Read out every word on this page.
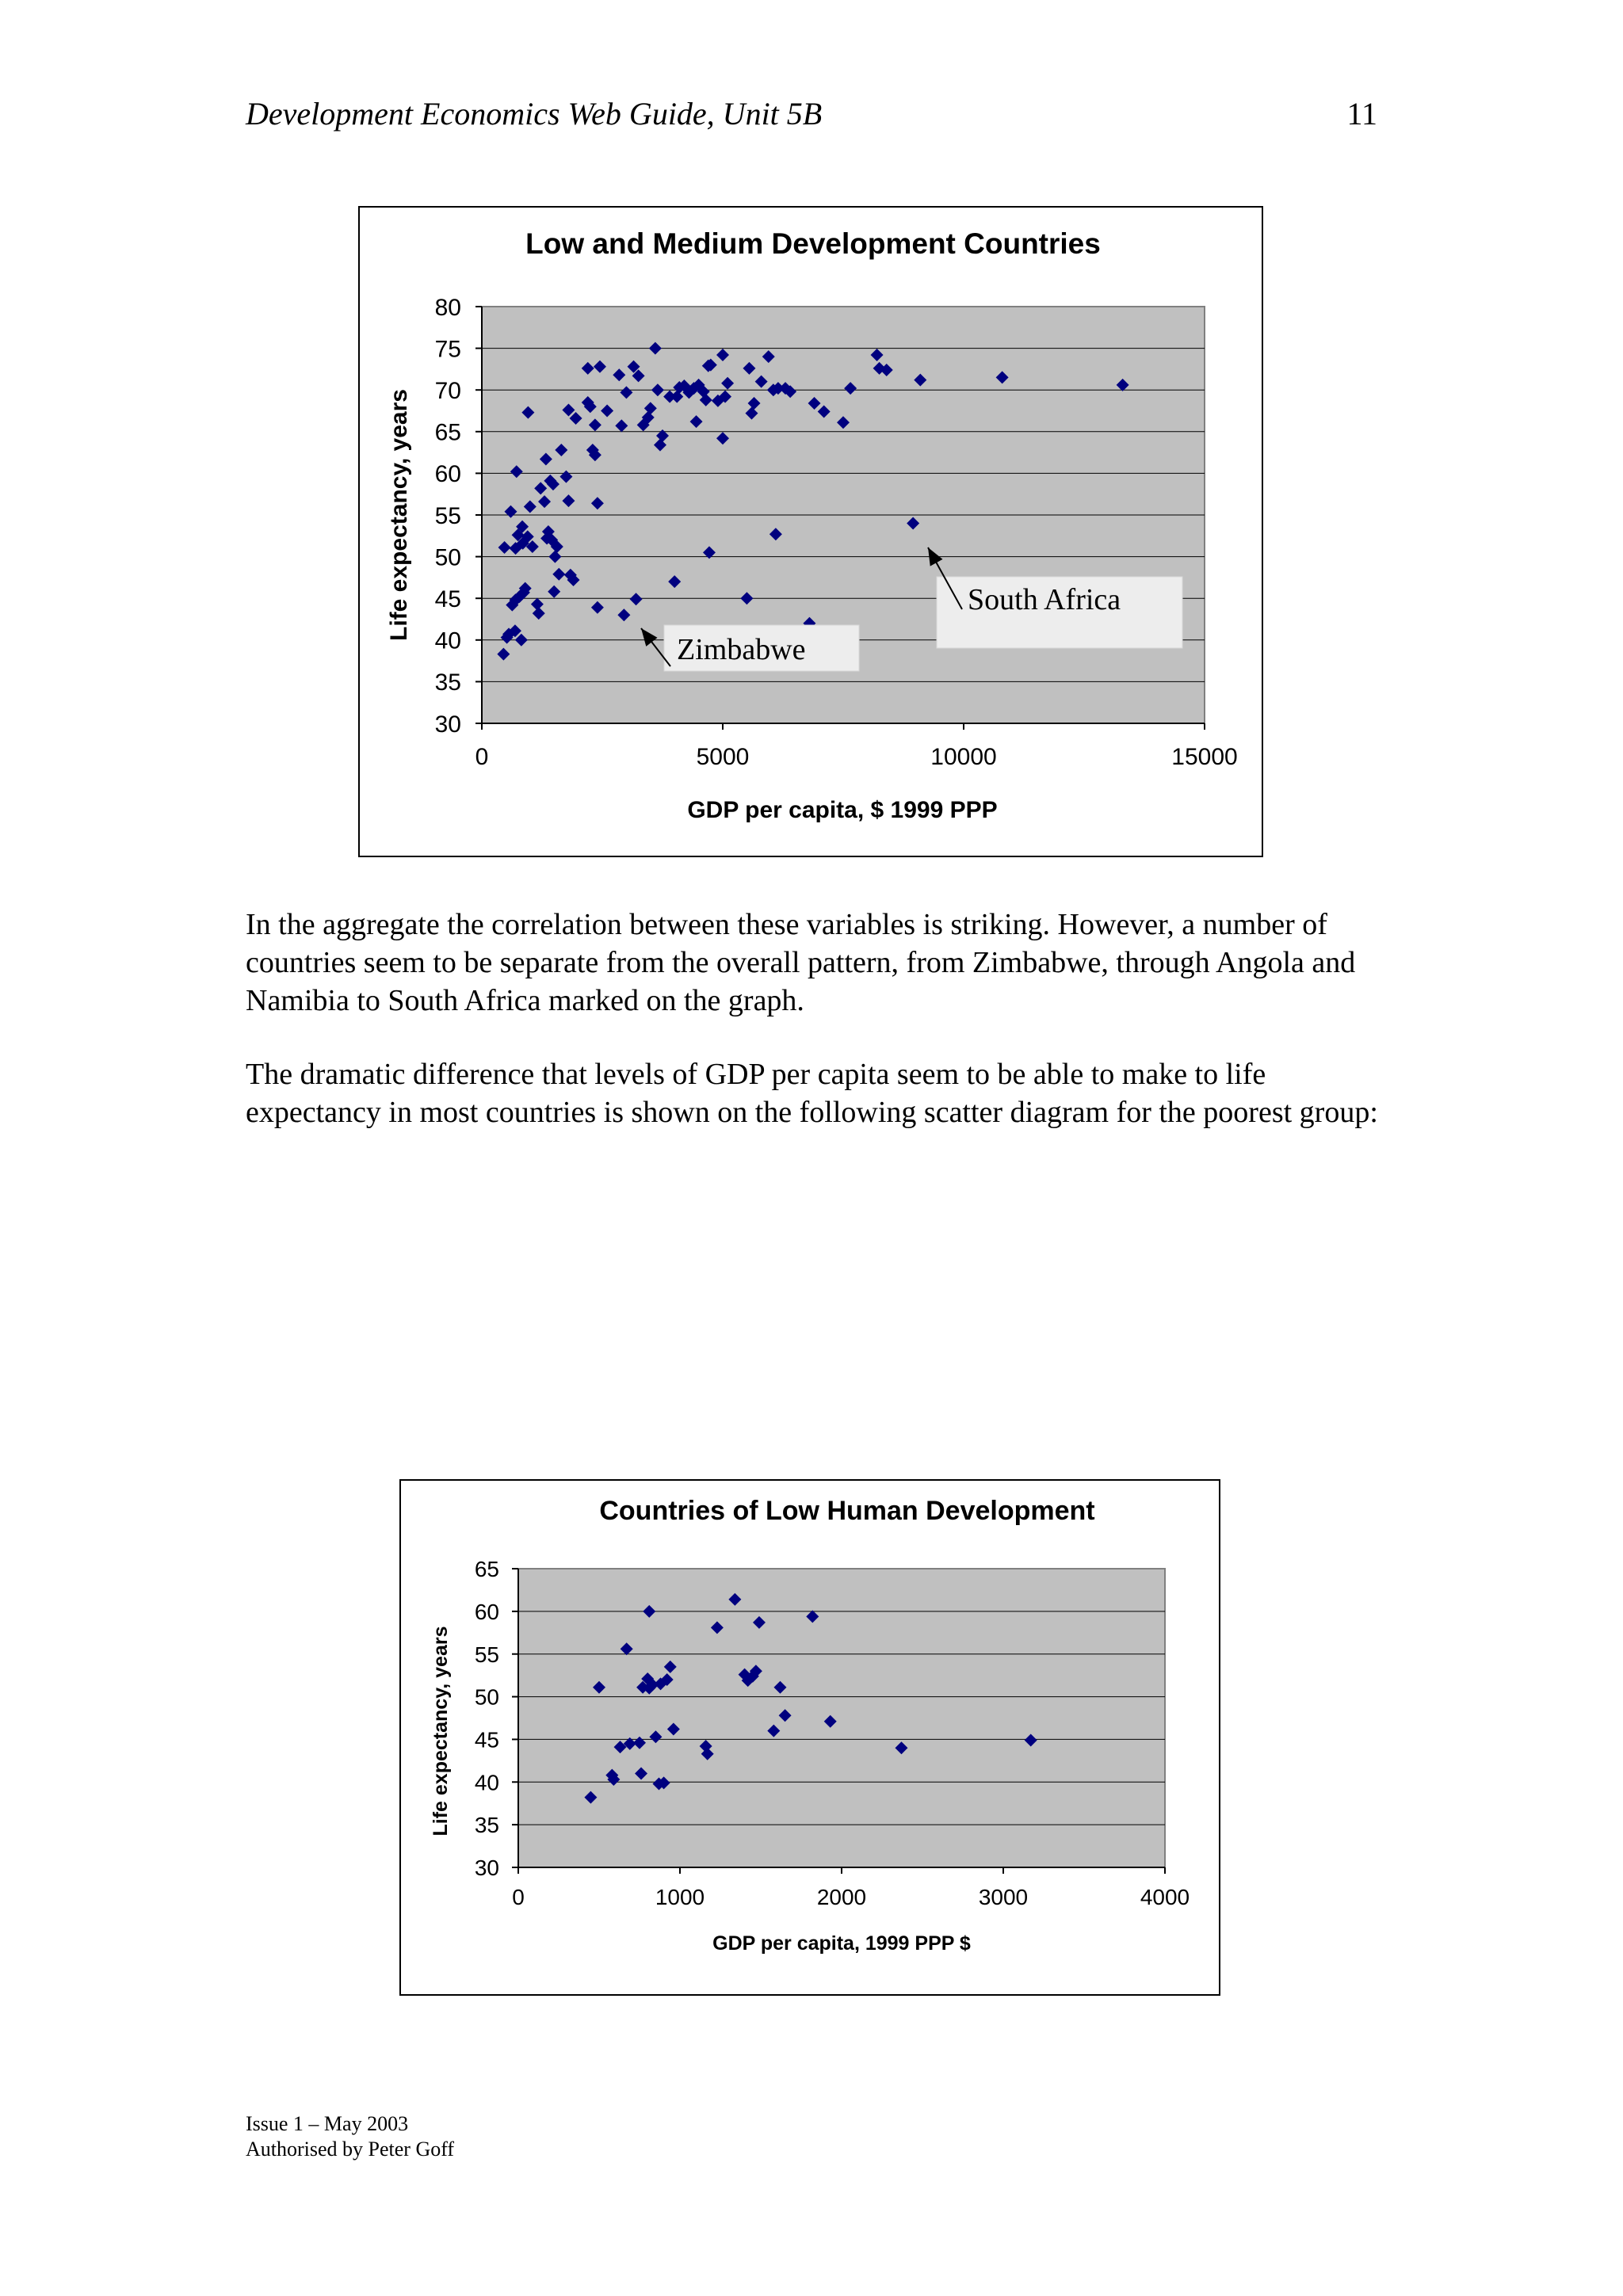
Development Economics Web Guide, Unit 5B	11
Low and Medium Development Countries
30
35
40
45
50
55
60
65
70
75
80
0	5000	10000	15000
GDP per capita, $ 1999 PPP
Life expectancy, years
Zimbabwe
South Africa

In the aggregate the correlation between these variables is striking. However, a number of countries seem to be separate from the overall pattern, from Zimbabwe, through Angola and Namibia to South Africa marked on the graph.

The dramatic difference that levels of GDP per capita seem to be able to make to life expectancy in most countries is shown on the following scatter diagram for the poorest group:

Countries of Low Human Development
30
35
40
45
50
55
60
65
0	1000	2000	3000	4000
GDP per capita, 1999 PPP $
Life expectancy, years
Issue 1 – May 2003
Authorised by Peter Goff
